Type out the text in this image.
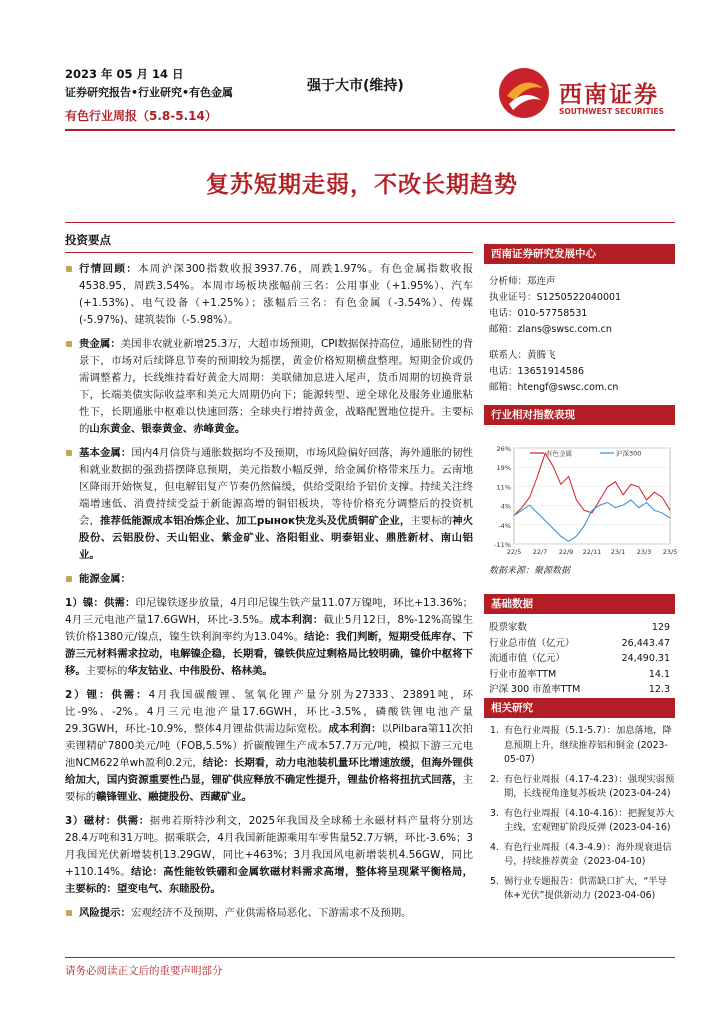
2023 年 05 月 14 日
证券研究报告•行业研究•有色金属
有色行业周报（5.8-5.14）
强于大市(维持)	西南证券
SOUTHWEST SECURITIES
复苏短期走弱，不改长期趋势
投资要点

行情回顾：本周沪深300指数收报3937.76，周跌1.97%。有色金属指数收报4538.95，周跌3.54%。本周市场板块涨幅前三名：公用事业（+1.95%）、汽车(+1.53%)、电气设备（+1.25%）；涨幅后三名：有色金属（-3.54%）、传媒(-5.97%)、建筑装饰（-5.98%）。

贵金属：美国非农就业新增25.3万，大超市场预期，CPI数据保持高位，通胀韧性的背景下，市场对后续降息节奏的预期较为摇摆，黄金价格短期横盘整理。短期金价或仍需调整蓄力，长线维持看好黄金大周期：美联储加息进入尾声，货币周期的切换背景下，长端美债实际收益率和美元大周期仍向下；能源转型、逆全球化及服务业通胀粘性下，长期通胀中枢难以快速回落；全球央行增持黄金，战略配置地位提升。主要标的山东黄金、银泰黄金、赤峰黄金。

基本金属：国内4月信贷与通胀数据均不及预期，市场风险偏好回落，海外通胀的韧性和就业数据的强劲搭摆降息预期，美元指数小幅反弹，给金属价格带来压力。云南地区降雨开始恢复，但电解铝复产节奏仍然偏缓，供给受限给予铝价支撑。持续关注终端增速低、消费持续受益于新能源高增的铜铝板块，等待价格充分调整后的投资机会，推荐低能源成本铝冶炼企业、加工рынок快龙头及优质铜矿企业，主要标的神火股份、云铝股份、天山铝业、紫金矿业、洛阳钼业、明泰铝业、鼎胜新材、南山铝业。

能源金属：

1）镍：供需：印尼镍铁逐步放量，4月印尼镍生铁产量11.07万镍吨，环比+13.36%；4月三元电池产量17.6GWH，环比-3.5%。成本利润：截止5月12日，8%-12%高镍生铁价格1380元/镍点，镍生铁利润率约为13.04%。结论：我们判断，短期受低库存、下游三元材料需求拉动，电解镍企稳，长期看，镍铁供应过剩格局比较明确，镍价中枢将下移。主要标的华友钴业、中伟股份、格林美。

2）锂：供需：4月我国碳酸锂、氢氧化锂产量分别为27333、23891吨，环比-9%、-2%。4月三元电池产量17.6GWH，环比-3.5%，磷酸铁锂电池产量29.3GWH，环比-10.9%，整体4月锂盐供需边际宽松。成本利润：以Pilbara第11次拍卖锂精矿7800美元/吨（FOB,5.5%）折碳酸锂生产成本57.7万元/吨，模拟下游三元电池NCM622单wh盈利0.2元，结论：长期看，动力电池装机量环比增速放缓，但海外锂供给加大，国内资源重要性凸显，锂矿供应释放不确定性提升，锂盐价格将扭抗式回落，主要标的赣锋锂业、融捷股份、西藏矿业。

3）磁材：供需：据弗若斯特沙利文，2025年我国及全球稀土永磁材料产量将分别达28.4万吨和31万吨。据乘联会，4月我国新能源乘用车零售量52.7万辆，环比-3.6%；3月我国光伏新增装机13.29GW，同比+463%；3月我国风电新增装机4.56GW，同比+110.14%。结论：高性能钕铁硼和金属软磁材料需求高增，整体将呈现紧平衡格局，主要标的：望变电气、东睦股份。

风险提示：宏观经济不及预期、产业供需格局恶化、下游需求不及预期。

西南证券研究发展中心
分析师：郑连声
执业证号：S1250522040001
电话：010-57758531
邮箱：zlans@swsc.com.cn
联系人：黄腾飞
电话：13651914586
邮箱：htengf@swsc.com.cn
行业相对指数表现
26%
19%
11%
4%
-4%
-11%
22/5 22/7 22/9 22/11 23/1 23/3 23/5
有色金属	沪深300
数据来源：聚源数据
基础数据
股票家数	129
行业总市值（亿元）	26,443.47
流通市值（亿元）	24,490.31
行业市盈率TTM	14.1
沪深 300 市盈率TTM	12.3
相关研究
1. 有色行业周报（5.1-5.7）：加息落地，降息预期上升，继续推荐铝和铜金 (2023-05-07)
2. 有色行业周报（4.17-4.23）：强现实弱预期，长线视角逢复苏板块 (2023-04-24)
3. 有色行业周报（4.10-4.16）：把握复苏大主线，宏观锂矿阶段反弹 (2023-04-16)
4. 有色行业周报（4.3-4.9）：海外现衰退信号，持续推荐黄金（2023-04-10)
5. 锡行业专题报告：供需缺口扩大，“半导体+光伏”提供新动力 (2023-04-06)
请务必阅读正文后的重要声明部分
